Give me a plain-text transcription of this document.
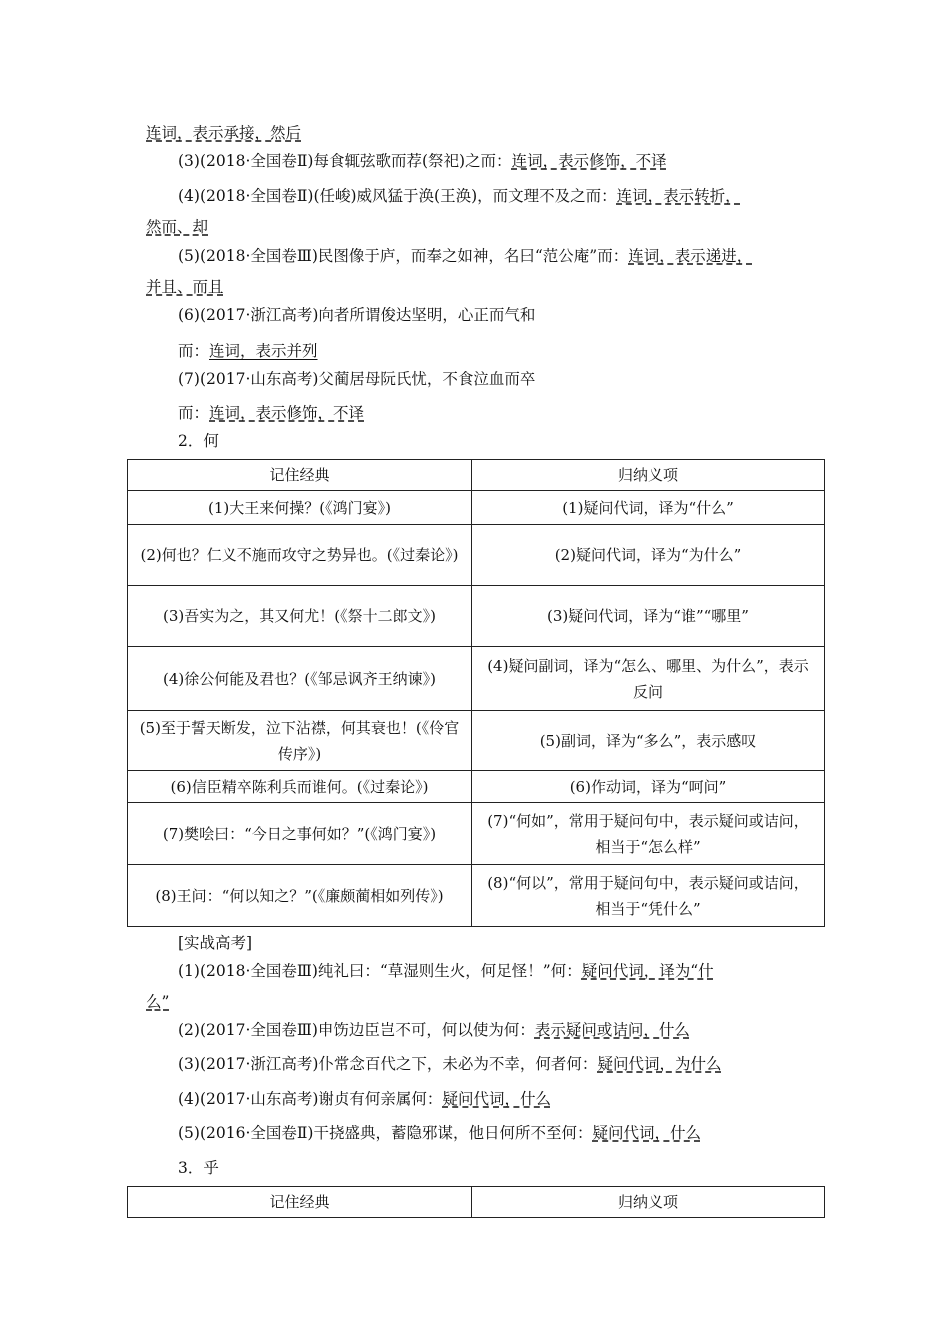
连词，表示承接，然后
(3)(2018·全国卷Ⅱ)每食辄弦歌而荐(祭祀)之而：连词，表示修饰，不译
(4)(2018·全国卷Ⅱ)(任峻)威风猛于涣(王涣)，而文理不及之而：连词，表示转折，
然而、却
(5)(2018·全国卷Ⅲ)民图像于庐，而奉之如神，名曰“范公庵”而：连词，表示递进，
并且、而且
(6)(2017·浙江高考)向者所谓俊达坚明，心正而气和
而：连词，表示并列
(7)(2017·山东高考)父蔺居母阮氏忧，不食泣血而卒
而：连词，表示修饰，不译
2．何
记住经典	归纳义项
(1)大王来何操？(《鸿门宴》)	(1)疑问代词，译为“什么”
(2)何也？仁义不施而攻守之势异也。(《过秦论》)	(2)疑问代词，译为“为什么”
(3)吾实为之，其又何尤！(《祭十二郎文》)	(3)疑问代词，译为“谁”“哪里”
(4)徐公何能及君也？(《邹忌讽齐王纳谏》)	(4)疑问副词，译为“怎么、哪里、为什么”，表示反问
(5)至于誓天断发，泣下沾襟，何其衰也！(《伶官传序》)	(5)副词，译为“多么”，表示感叹
(6)信臣精卒陈利兵而谁何。(《过秦论》)	(6)作动词，译为“呵问”
(7)樊哙曰：“今日之事何如？”(《鸿门宴》)	(7)“何如”，常用于疑问句中，表示疑问或诘问，相当于“怎么样”
(8)王问：“何以知之？”(《廉颇蔺相如列传》)	(8)“何以”，常用于疑问句中，表示疑问或诘问，相当于“凭什么”
[实战高考]
(1)(2018·全国卷Ⅲ)纯礼曰：“草湿则生火，何足怪！”何：疑问代词，译为“什
么”
(2)(2017·全国卷Ⅲ)申饬边臣岂不可，何以使为何：表示疑问或诘问，什么
(3)(2017·浙江高考)仆常念百代之下，未必为不幸，何者何：疑问代词，为什么
(4)(2017·山东高考)谢贞有何亲属何：疑问代词，什么
(5)(2016·全国卷Ⅱ)干挠盛典，蓄隐邪谋，他日何所不至何：疑问代词，什么
3．乎
记住经典	归纳义项
